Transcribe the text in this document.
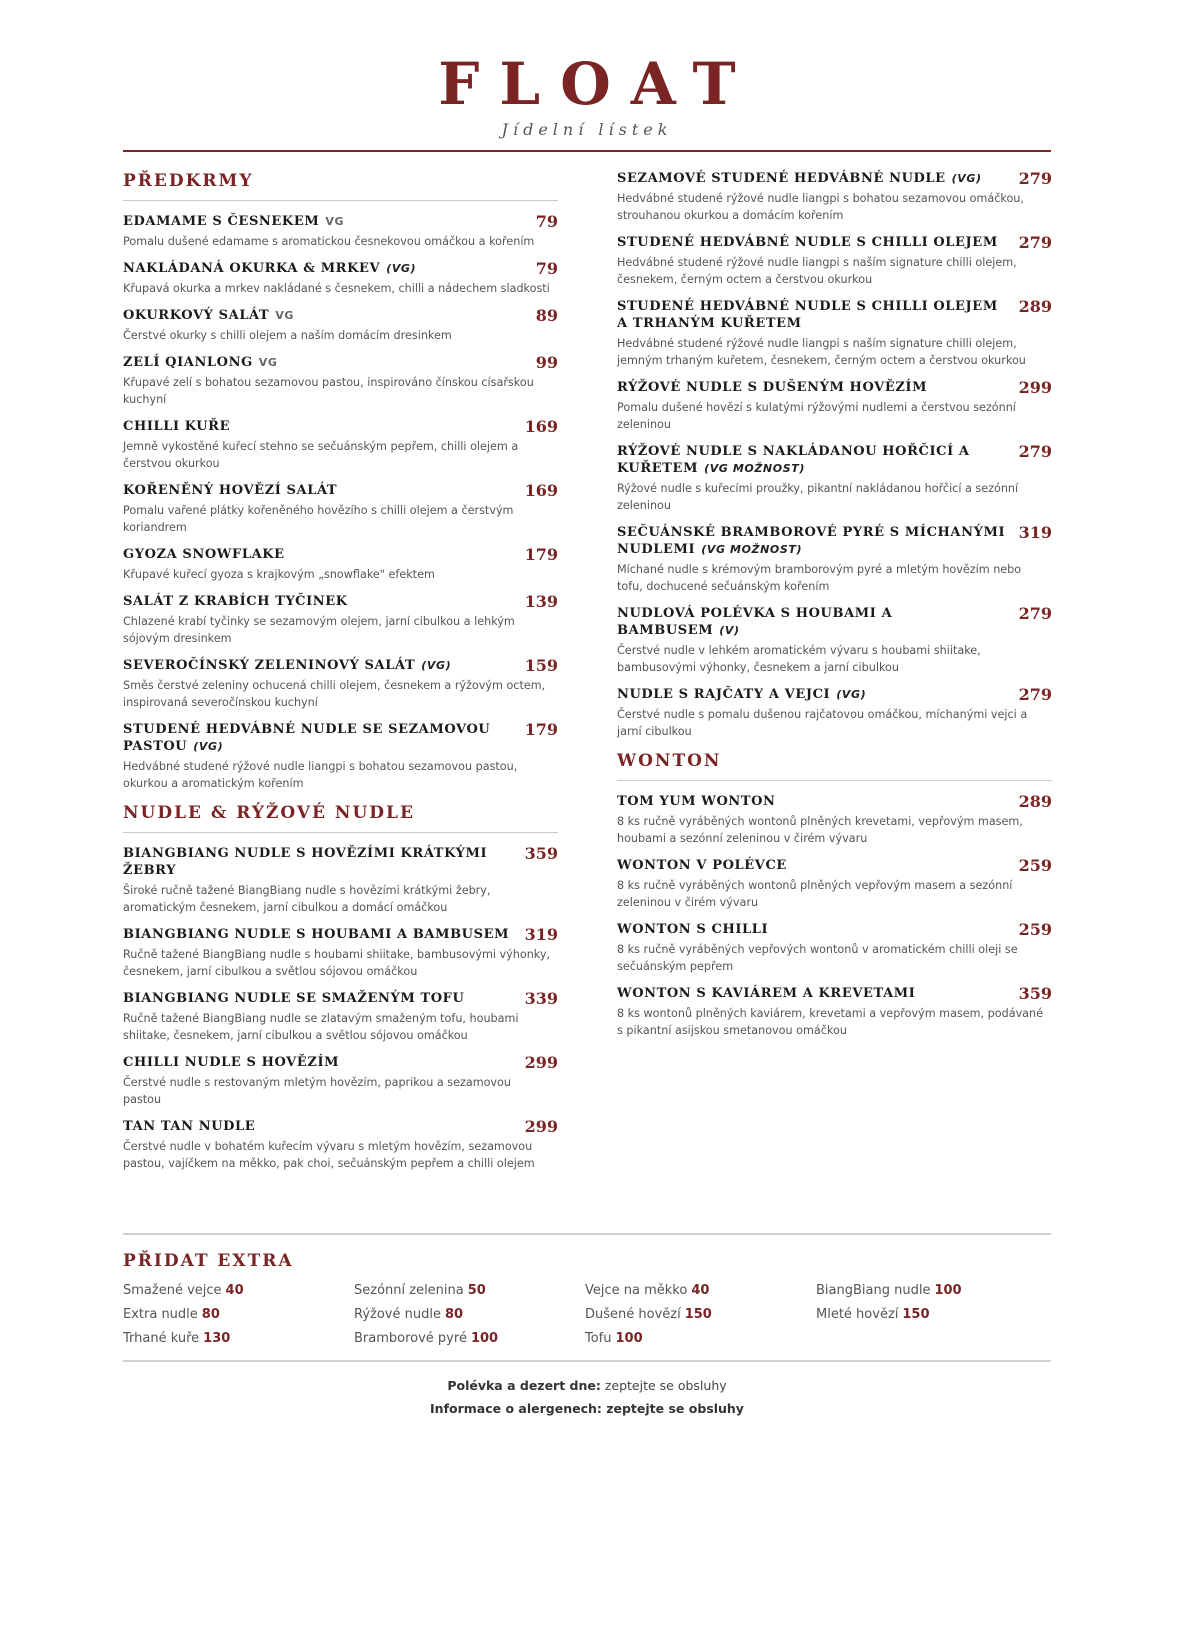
FLOAT
Jídelní lístek
PŘEDKRMY
EDAMAME S ČESNEKEM VG	79
Pomalu dušené edamame s aromatickou česnekovou omáčkou a kořením
NAKLÁDANÁ OKURKA & MRKEV (VG)	79
Křupavá okurka a mrkev nakládané s česnekem, chilli a nádechem sladkosti
OKURKOVÝ SALÁT VG	89
Čerstvé okurky s chilli olejem a naším domácím dresinkem
ZELÍ QIANLONG VG	99
Křupavé zelí s bohatou sezamovou pastou, inspirováno čínskou císařskou kuchyní
CHILLI KUŘE	169
Jemně vykostěné kuřecí stehno se sečuánským pepřem, chilli olejem a čerstvou okurkou
KOŘENĚNÝ HOVĚZÍ SALÁT	169
Pomalu vařené plátky kořeněného hovězího s chilli olejem a čerstvým koriandrem
GYOZA SNOWFLAKE	179
Křupavé kuřecí gyoza s krajkovým „snowflake" efektem
SALÁT Z KRABÍCH TYČINEK	139
Chlazené krabí tyčinky se sezamovým olejem, jarní cibulkou a lehkým sójovým dresinkem
SEVEROČÍNSKÝ ZELENINOVÝ SALÁT (VG)	159
Směs čerstvé zeleniny ochucená chilli olejem, česnekem a rýžovým octem, inspirovaná severočínskou kuchyní
STUDENÉ HEDVÁBNÉ NUDLE SE SEZAMOVOU PASTOU (VG)
179
Hedvábné studené rýžové nudle liangpi s bohatou sezamovou pastou, okurkou a aromatickým kořením
NUDLE & RÝŽOVÉ NUDLE
BIANGBIANG NUDLE S HOVĚZÍMI KRÁTKÝMI ŽEBRY
359
Široké ručně tažené BiangBiang nudle s hovězími krátkými žebry, aromatickým česnekem, jarní cibulkou a domácí omáčkou
BIANGBIANG NUDLE S HOUBAMI A BAMBUSEM 319
Ručně tažené BiangBiang nudle s houbami shiitake, bambusovými výhonky, česnekem, jarní cibulkou a světlou sójovou omáčkou
BIANGBIANG NUDLE SE SMAŽENÝM TOFU	339
Ručně tažené BiangBiang nudle se zlatavým smaženým tofu, houbami shiitake, česnekem, jarní cibulkou a světlou sójovou omáčkou
CHILLI NUDLE S HOVĚZÍM	299
Čerstvé nudle s restovaným mletým hovězím, paprikou a sezamovou pastou
TAN TAN NUDLE	299
Čerstvé nudle v bohatém kuřecím vývaru s mletým hovězím, sezamovou pastou, vajíčkem na měkko, pak choi, sečuánským pepřem a chilli olejem
SEZAMOVÉ STUDENÉ HEDVÁBNÉ NUDLE (VG)	279
Hedvábné studené rýžové nudle liangpi s bohatou sezamovou omáčkou, strouhanou okurkou a domácím kořením
STUDENÉ HEDVÁBNÉ NUDLE S CHILLI OLEJEM	279
Hedvábné studené rýžové nudle liangpi s naším signature chilli olejem, česnekem, černým octem a čerstvou okurkou
STUDENÉ HEDVÁBNÉ NUDLE S CHILLI OLEJEM A TRHANÝM KUŘETEM
289
Hedvábné studené rýžové nudle liangpi s naším signature chilli olejem, jemným trhaným kuřetem, česnekem, černým octem a čerstvou okurkou
RÝŽOVÉ NUDLE S DUŠENÝM HOVĚZÍM	299
Pomalu dušené hovězí s kulatými rýžovými nudlemi a čerstvou sezónní zeleninou
RÝŽOVÉ NUDLE S NAKLÁDANOU HOŘČICÍ A KUŘETEM (VG MOŽNOST)
279
Rýžové nudle s kuřecími proužky, pikantní nakládanou hořčicí a sezónní zeleninou
SEČUÁNSKÉ BRAMBOROVÉ PYRÉ S MÍCHANÝMI NUDLEMI (VG MOŽNOST)
319
Míchané nudle s krémovým bramborovým pyré a mletým hovězím nebo tofu, dochucené sečuánským kořením
NUDLOVÁ POLÉVKA S HOUBAMI A BAMBUSEM (V)
279
Čerstvé nudle v lehkém aromatickém vývaru s houbami shiitake, bambusovými výhonky, česnekem a jarní cibulkou
NUDLE S RAJČATY A VEJCI (VG)	279
Čerstvé nudle s pomalu dušenou rajčatovou omáčkou, míchanými vejci a jarní cibulkou
WONTON
TOM YUM WONTON	289
8 ks ručně vyráběných wontonů plněných krevetami, vepřovým masem, houbami a sezónní zeleninou v čirém vývaru
WONTON V POLÉVCE	259
8 ks ručně vyráběných wontonů plněných vepřovým masem a sezónní zeleninou v čirém vývaru
WONTON S CHILLI	259
8 ks ručně vyráběných vepřových wontonů v aromatickém chilli oleji se sečuánským pepřem
WONTON S KAVIÁREM A KREVETAMI	359
8 ks wontonů plněných kaviárem, krevetami a vepřovým masem, podávané s pikantní asijskou smetanovou omáčkou
PŘIDAT EXTRA
Smažené vejce 40	Sezónní zelenina 50	Vejce na měkko 40	BiangBiang nudle 100
Extra nudle 80	Rýžové nudle 80	Dušené hovězí 150	Mleté hovězí 150
Trhané kuře 130	Bramborové pyré 100	Tofu 100
Polévka a dezert dne: zeptejte se obsluhy
Informace o alergenech: zeptejte se obsluhy
